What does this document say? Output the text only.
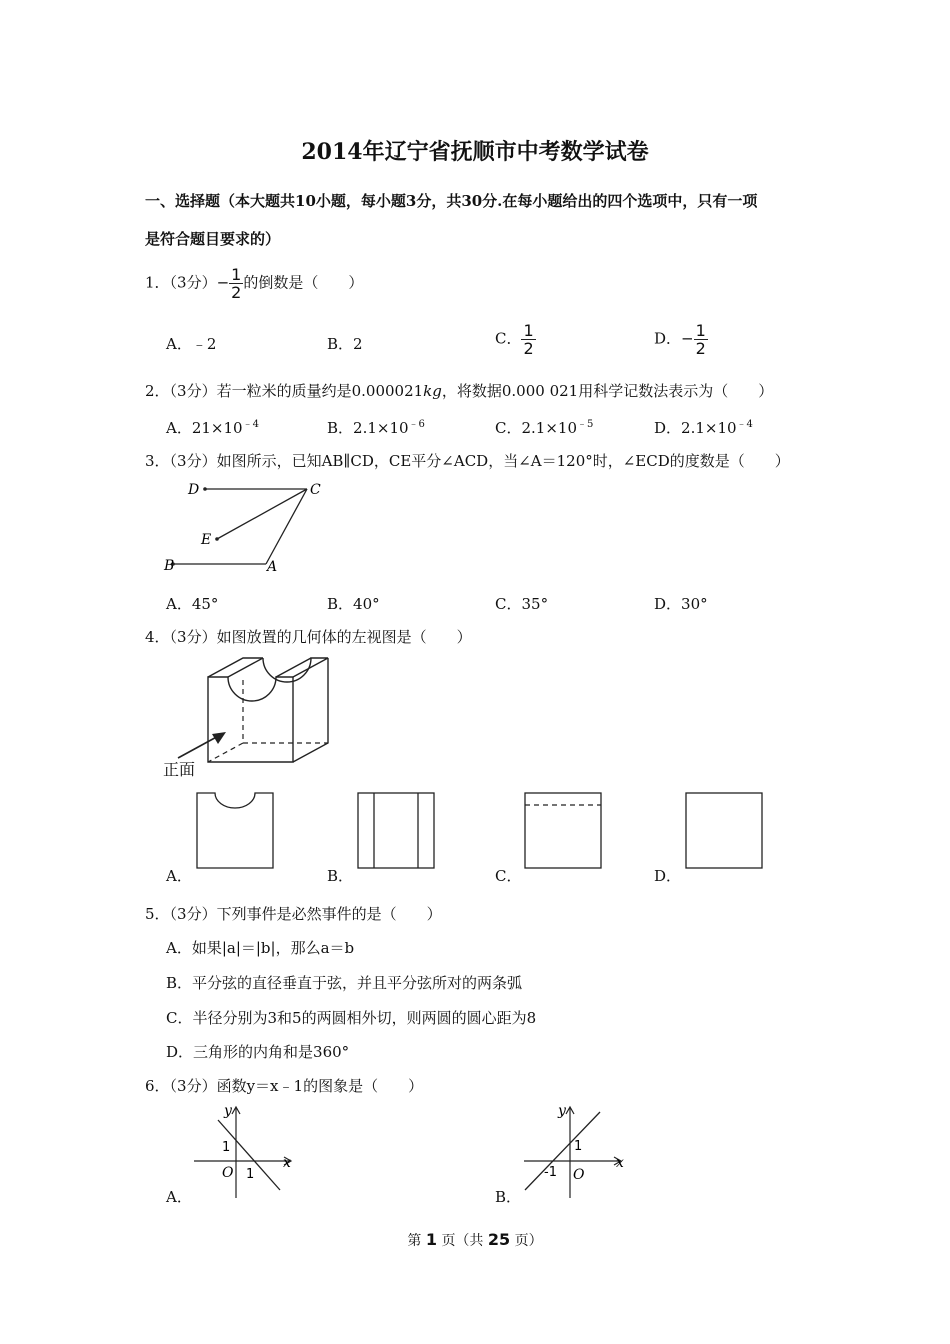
2014年辽宁省抚顺市中考数学试卷
一、选择题（本大题共10小题，每小题3分，共30分.在每小题给出的四个选项中，只有一项
是符合题目要求的）
1．（3分）− $\frac{1}{2}$ 的倒数是（　　）
A．﹣2	B．2	C． $\frac{1}{2}$	D．− $\frac{1}{2}$
2．（3分）若一粒米的质量约是0.000021kg，将数据0.000 021用科学记数法表示为（　　）
A．$21\times 10^{﹣4}$	B．$2.1\times 10^{﹣6}$	C．$2.1\times 10^{﹣5}$	D．$2.1\times 10^{﹣4}$
3．（3分）如图所示，已知AB∥CD，CE平分∠ACD，当∠A＝120°时，∠ECD的度数是（　　）
D	C
E
B	A
A．45°	B．40°	C．35°	D．30°
4．（3分）如图放置的几何体的左视图是（　　）
正面
A．	B．	C．	D．
5．（3分）下列事件是必然事件的是（　　）
A．如果|a|＝|b|，那么a＝b
B．平分弦的直径垂直于弦，并且平分弦所对的两条弧
C．半径分别为3和5的两圆相外切，则两圆的圆心距为8
D．三角形的内角和是360°
6．（3分）函数y＝x﹣1的图象是（　　）
y
x
O
1
1
y
x
O
1
-1
A．	B．
第 1 页（共 25 页）
